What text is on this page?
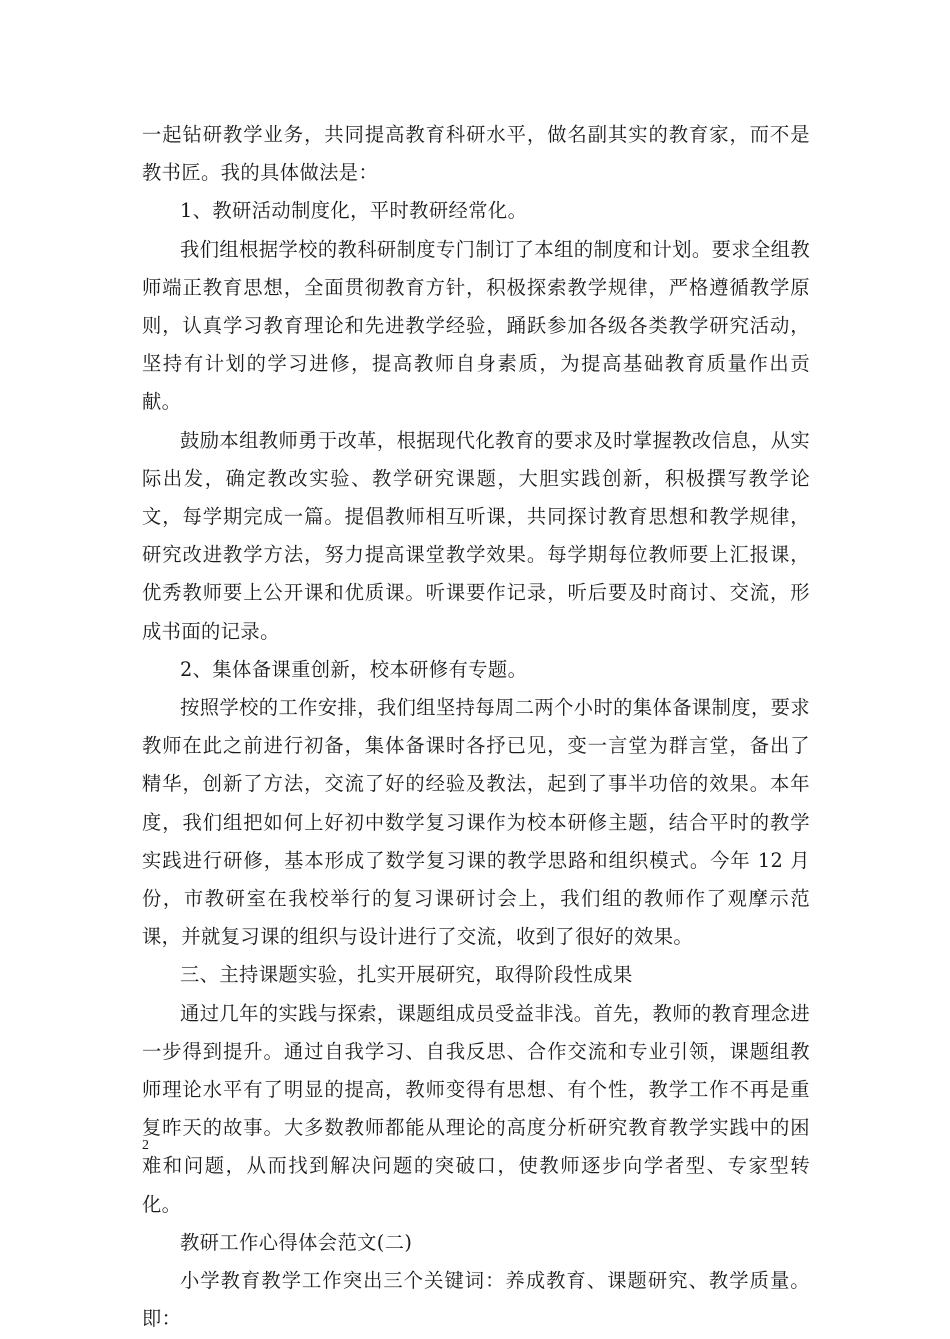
一起钻研教学业务，共同提高教育科研水平，做名副其实的教育家，而不是教书匠。我的具体做法是：

1、教研活动制度化，平时教研经常化。

我们组根据学校的教科研制度专门制订了本组的制度和计划。要求全组教师端正教育思想，全面贯彻教育方针，积极探索教学规律，严格遵循教学原则，认真学习教育理论和先进教学经验，踊跃参加各级各类教学研究活动，坚持有计划的学习进修，提高教师自身素质，为提高基础教育质量作出贡献。

鼓励本组教师勇于改革，根据现代化教育的要求及时掌握教改信息，从实际出发，确定教改实验、教学研究课题，大胆实践创新，积极撰写教学论文，每学期完成一篇。提倡教师相互听课，共同探讨教育思想和教学规律，研究改进教学方法，努力提高课堂教学效果。每学期每位教师要上汇报课，优秀教师要上公开课和优质课。听课要作记录，听后要及时商讨、交流，形成书面的记录。

2、集体备课重创新，校本研修有专题。

按照学校的工作安排，我们组坚持每周二两个小时的集体备课制度，要求教师在此之前进行初备，集体备课时各抒已见，变一言堂为群言堂，备出了精华，创新了方法，交流了好的经验及教法，起到了事半功倍的效果。本年度，我们组把如何上好初中数学复习课作为校本研修主题，结合平时的教学实践进行研修，基本形成了数学复习课的教学思路和组织模式。今年 12 月份，市教研室在我校举行的复习课研讨会上，我们组的教师作了观摩示范课，并就复习课的组织与设计进行了交流，收到了很好的效果。

三、主持课题实验，扎实开展研究，取得阶段性成果

通过几年的实践与探索，课题组成员受益非浅。首先，教师的教育理念进一步得到提升。通过自我学习、自我反思、合作交流和专业引领，课题组教师理论水平有了明显的提高，教师变得有思想、有个性，教学工作不再是重复昨天的故事。大多数教师都能从理论的高度分析研究教育教学实践中的困难和问题，从而找到解决问题的突破口，使教师逐步向学者型、专家型转化。

教研工作心得体会范文(二)

小学教育教学工作突出三个关键词：养成教育、课题研究、教学质量。即：

2
